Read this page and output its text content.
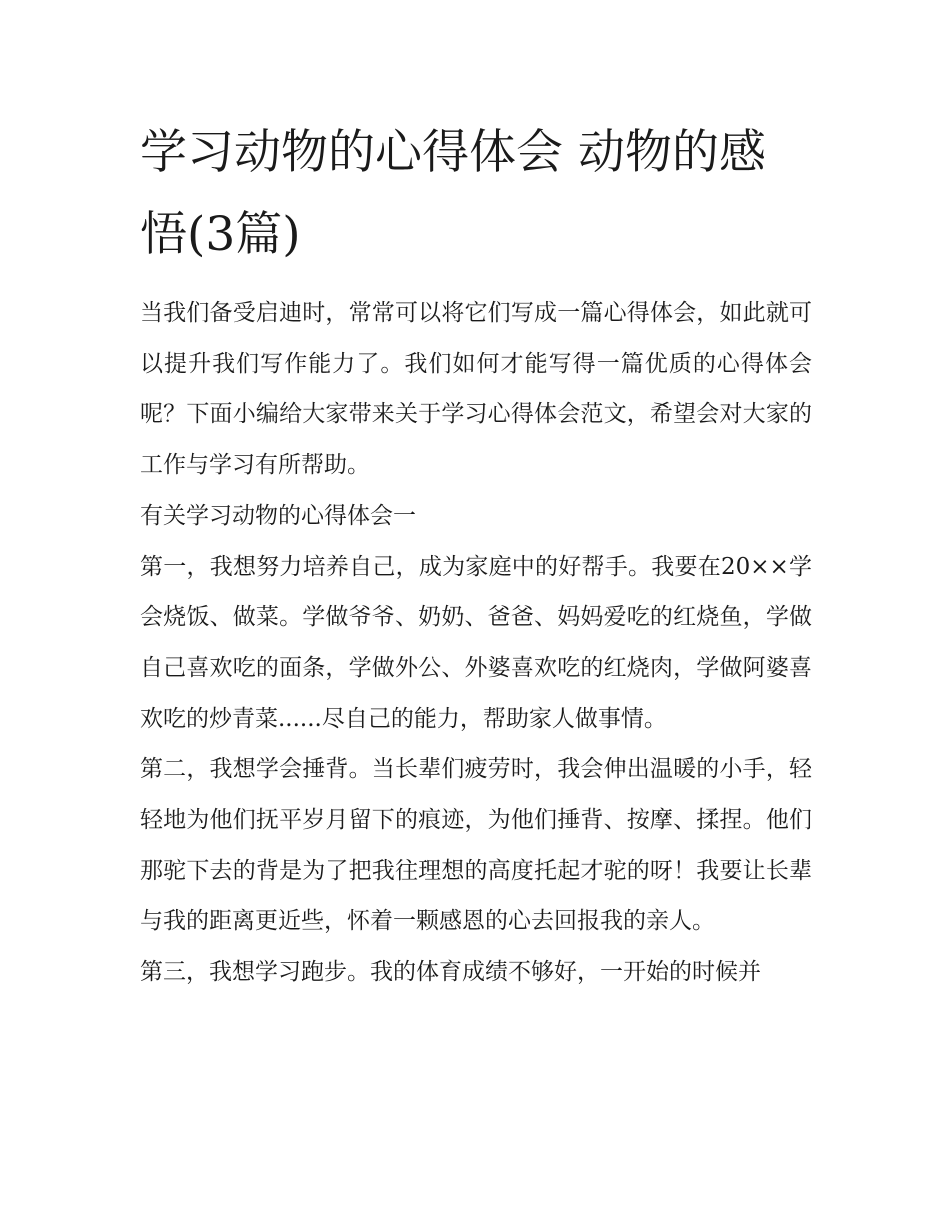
学习动物的心得体会 动物的感悟(3篇)

当我们备受启迪时，常常可以将它们写成一篇心得体会，如此就可以提升我们写作能力了。我们如何才能写得一篇优质的心得体会呢？下面小编给大家带来关于学习心得体会范文，希望会对大家的工作与学习有所帮助。

有关学习动物的心得体会一

第一，我想努力培养自己，成为家庭中的好帮手。我要在20××学会烧饭、做菜。学做爷爷、奶奶、爸爸、妈妈爱吃的红烧鱼，学做自己喜欢吃的面条，学做外公、外婆喜欢吃的红烧肉，学做阿婆喜欢吃的炒青菜......尽自己的能力，帮助家人做事情。

第二，我想学会捶背。当长辈们疲劳时，我会伸出温暖的小手，轻轻地为他们抚平岁月留下的痕迹，为他们捶背、按摩、揉捏。他们那驼下去的背是为了把我往理想的高度托起才驼的呀！我要让长辈与我的距离更近些，怀着一颗感恩的心去回报我的亲人。

第三，我想学习跑步。我的体育成绩不够好，一开始的时候并
